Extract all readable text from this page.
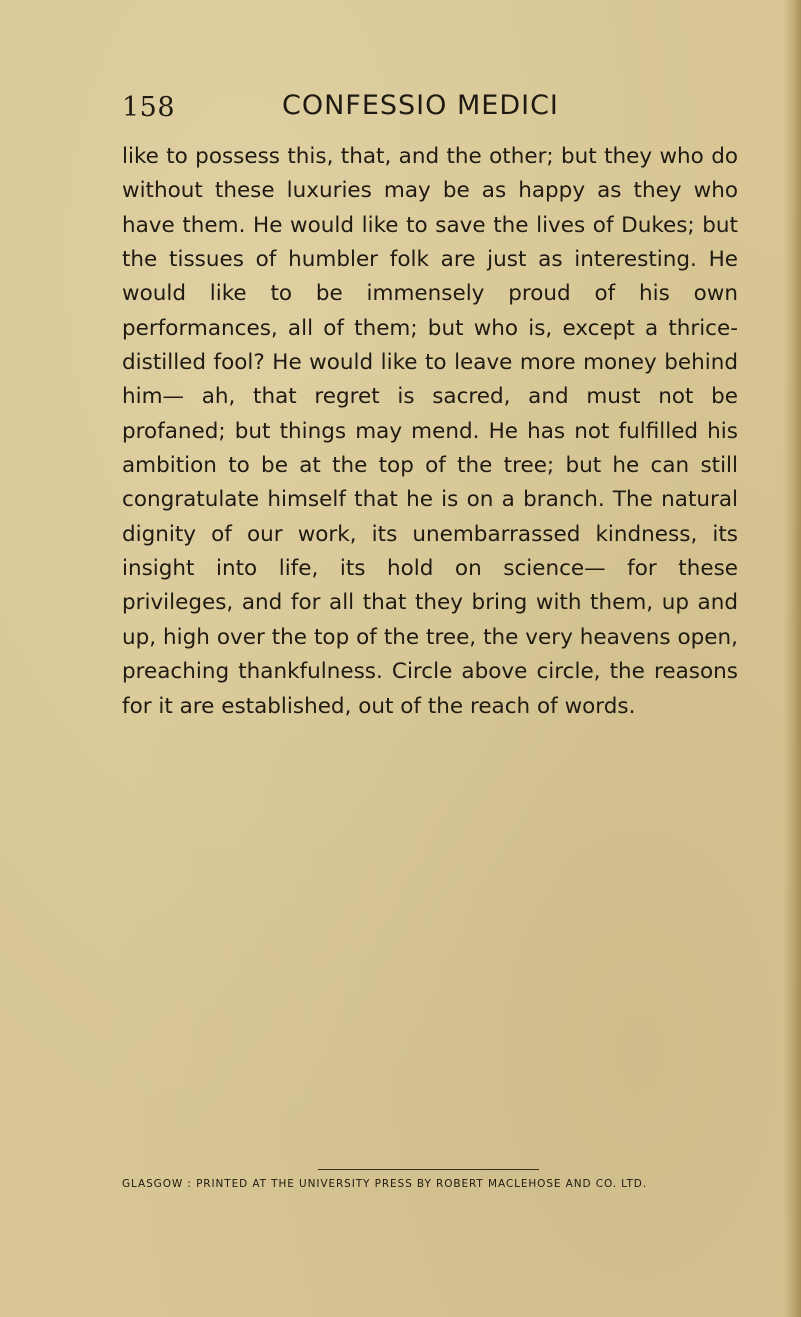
158	CONFESSIO MEDICI

like to possess this, that, and the other; but they who do without these luxuries may be as happy as they who have them. He would like to save the lives of Dukes; but the tissues of humbler folk are just as interesting. He would like to be immensely proud of his own performances, all of them; but who is, except a thrice-distilled fool? He would like to leave more money behind him— ah, that regret is sacred, and must not be profaned; but things may mend. He has not fulfilled his ambition to be at the top of the tree; but he can still congratulate himself that he is on a branch. The natural dignity of our work, its unembarrassed kindness, its insight into life, its hold on science— for these privileges, and for all that they bring with them, up and up, high over the top of the tree, the very heavens open, preaching thankfulness. Circle above circle, the reasons for it are established, out of the reach of words.

GLASGOW : PRINTED AT THE UNIVERSITY PRESS BY ROBERT MACLEHOSE AND CO. LTD.
